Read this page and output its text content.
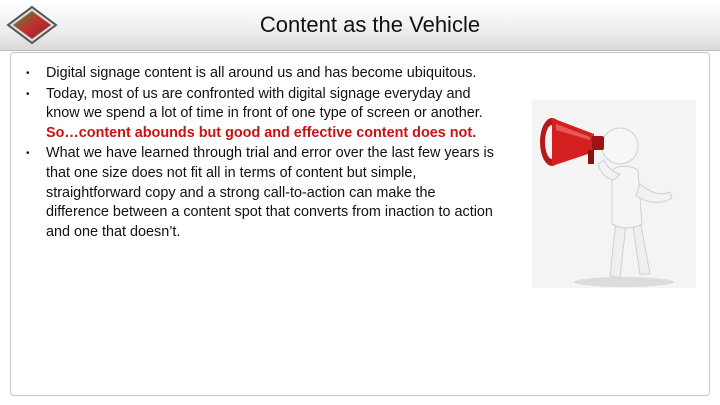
Content as the Vehicle
• Digital signage content is all around us and has become ubiquitous.
• Today, most of us are confronted with digital signage everyday and know we spend a lot of time in front of one type of screen or another. So…content abounds but good and effective content does not.
• What we have learned through trial and error over the last few years is that one size does not fit all in terms of content but simple, straightforward copy and a strong call-to-action can make the difference between a content spot that converts from inaction to action and one that doesn’t.
